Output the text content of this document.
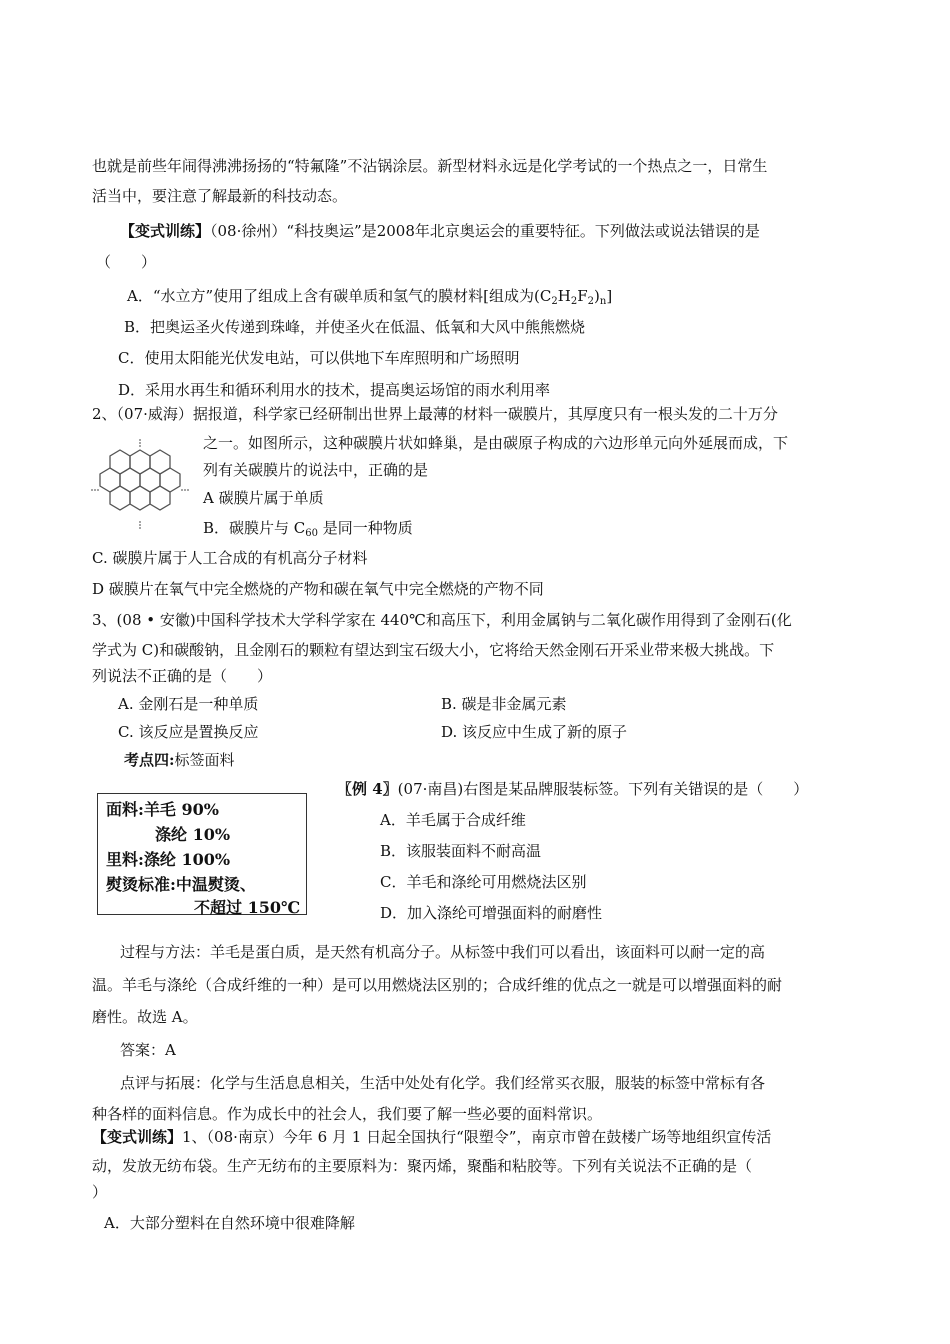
也就是前些年闹得沸沸扬扬的“特氟隆”不沾锅涂层。新型材料永远是化学考试的一个热点之一，日常生
活当中，要注意了解最新的科技动态。
【变式训练】（08·徐州）“科技奥运”是2008年北京奥运会的重要特征。下列做法或说法错误的是
（　　）
A．“水立方”使用了组成上含有碳单质和氢气的膜材料[组成为$(C_2H_2F_2)_n$]
B．把奥运圣火传递到珠峰，并使圣火在低温、低氧和大风中熊熊燃烧
C．使用太阳能光伏发电站，可以供地下车库照明和广场照明
D．采用水再生和循环利用水的技术，提高奥运场馆的雨水利用率
2、（07·威海）据报道，科学家已经研制出世界上最薄的材料一碳膜片，其厚度只有一根头发的二十万分
之一。如图所示，这种碳膜片状如蜂巢，是由碳原子构成的六边形单元向外延展而成，下
列有关碳膜片的说法中，正确的是
A 碳膜片属于单质
B．碳膜片与 $C_{60}$ 是同一种物质
C. 碳膜片属于人工合成的有机高分子材料
D 碳膜片在氧气中完全燃烧的产物和碳在氧气中完全燃烧的产物不同
3、(08 • 安徽)中国科学技术大学科学家在 440℃和高压下，利用金属钠与二氧化碳作用得到了金刚石(化
学式为 C)和碳酸钠，且金刚石的颗粒有望达到宝石级大小，它将给天然金刚石开采业带来极大挑战。下
列说法不正确的是（　　）
A. 金刚石是一种单质	B. 碳是非金属元素
C. 该反应是置换反应	D. 该反应中生成了新的原子
考点四:标签面料
面料:羊毛 90%
涤纶 10%
里料:涤纶 100%
熨烫标准:中温熨烫、
不超过 150℃
〖例 4〗(07·南昌)右图是某品牌服装标签。下列有关错误的是（　　）
A．羊毛属于合成纤维
B．该服装面料不耐高温
C．羊毛和涤纶可用燃烧法区别
D．加入涤纶可增强面料的耐磨性
过程与方法：羊毛是蛋白质，是天然有机高分子。从标签中我们可以看出，该面料可以耐一定的高
温。羊毛与涤纶（合成纤维的一种）是可以用燃烧法区别的；合成纤维的优点之一就是可以增强面料的耐
磨性。故选 A。
答案：A
点评与拓展：化学与生活息息相关，生活中处处有化学。我们经常买衣服，服装的标签中常标有各
种各样的面料信息。作为成长中的社会人，我们要了解一些必要的面料常识。
【变式训练】1、（08·南京）今年 6 月 1 日起全国执行“限塑令”，南京市曾在鼓楼广场等地组织宣传活
动，发放无纺布袋。生产无纺布的主要原料为：聚丙烯，聚酯和粘胶等。下列有关说法不正确的是（
）
A．大部分塑料在自然环境中很难降解
